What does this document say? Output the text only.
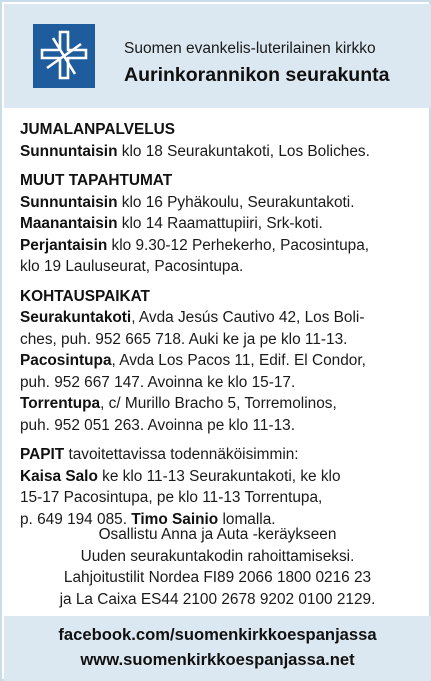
Suomen evankelis-luterilainen kirkko
Aurinkorannikon seurakunta
JUMALANPALVELUS
Sunnuntaisin klo 18 Seurakuntakoti, Los Boliches.
MUUT TAPAHTUMAT
Sunnuntaisin klo 16 Pyhäkoulu, Seurakuntakoti.
Maanantaisin klo 14 Raamattupiiri, Srk-koti.
Perjantaisin klo 9.30-12 Perhekerho, Pacosintupa,
klo 19 Lauluseurat, Pacosintupa.
KOHTAUSPAIKAT
Seurakuntakoti, Avda Jesús Cautivo 42, Los Boli-
ches, puh. 952 665 718. Auki ke ja pe klo 11-13.
Pacosintupa, Avda Los Pacos 11, Edif. El Condor,
puh. 952 667 147. Avoinna ke klo 15-17.
Torrentupa, c/ Murillo Bracho 5, Torremolinos,
puh. 952 051 263. Avoinna pe klo 11-13.
PAPIT tavoitettavissa todennäköisimmin:
Kaisa Salo ke klo 11-13 Seurakuntakoti, ke klo
15-17 Pacosintupa, pe klo 11-13 Torrentupa,
p. 649 194 085. Timo Sainio lomalla.
Osallistu Anna ja Auta -keräykseen
Uuden seurakuntakodin rahoittamiseksi.
Lahjoitustilit Nordea FI89 2066 1800 0216 23
ja La Caixa ES44 2100 2678 9202 0100 2129.
facebook.com/suomenkirkkoespanjassa
www.suomenkirkkoespanjassa.net
